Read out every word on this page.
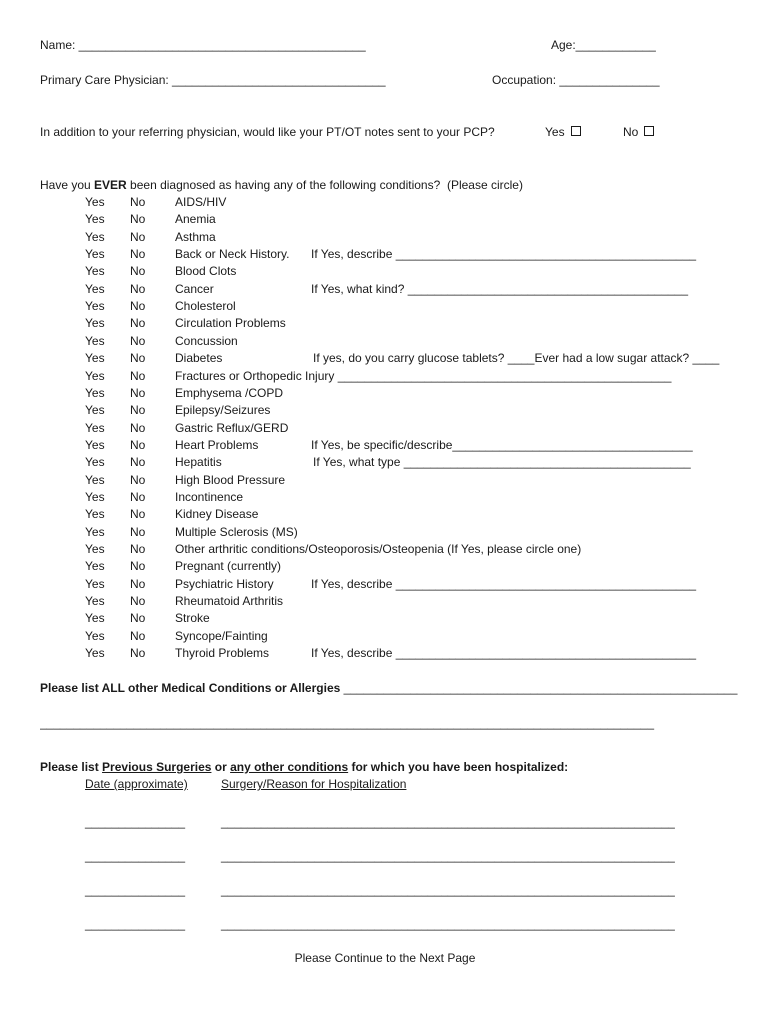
Name: ___________________________________________	Age:____________
Primary Care Physician: ________________________________	Occupation: _______________
In addition to your referring physician, would like your PT/OT notes sent to your PCP?	Yes	No
Have you EVER been diagnosed as having any of the following conditions?  (Please circle)
Yes No AIDS/HIV
Yes No Anemia
Yes No Asthma
Yes No Back or Neck History. If Yes, describe _____________________________________________
Yes No Blood Clots
Yes No Cancer	If Yes, what kind? __________________________________________
Yes No Cholesterol
Yes No Circulation Problems
Yes No Concussion
Yes No Diabetes	If yes, do you carry glucose tablets? ____Ever had a low sugar attack? ____
Yes No Fractures or Orthopedic Injury __________________________________________________
Yes No Emphysema /COPD
Yes No Epilepsy/Seizures
Yes No Gastric Reflux/GERD
Yes No Heart Problems	If Yes, be specific/describe____________________________________
Yes No Hepatitis	If Yes, what type ___________________________________________
Yes No High Blood Pressure
Yes No Incontinence
Yes No Kidney Disease
Yes No Multiple Sclerosis (MS)
Yes No Other arthritic conditions/Osteoporosis/Osteopenia (If Yes, please circle one)
Yes No Pregnant (currently)
Yes No Psychiatric History	If Yes, describe _____________________________________________
Yes No Rheumatoid Arthritis
Yes No Stroke
Yes No Syncope/Fainting
Yes No Thyroid Problems	If Yes, describe _____________________________________________
Please list ALL other Medical Conditions or Allergies ___________________________________________________________
____________________________________________________________________________________________
Please list Previous Surgeries or any other conditions for which you have been hospitalized:
Date (approximate)	Surgery/Reason for Hospitalization
_______________	____________________________________________________________________
_______________	____________________________________________________________________
_______________	____________________________________________________________________
_______________	____________________________________________________________________
Please Continue to the Next Page
